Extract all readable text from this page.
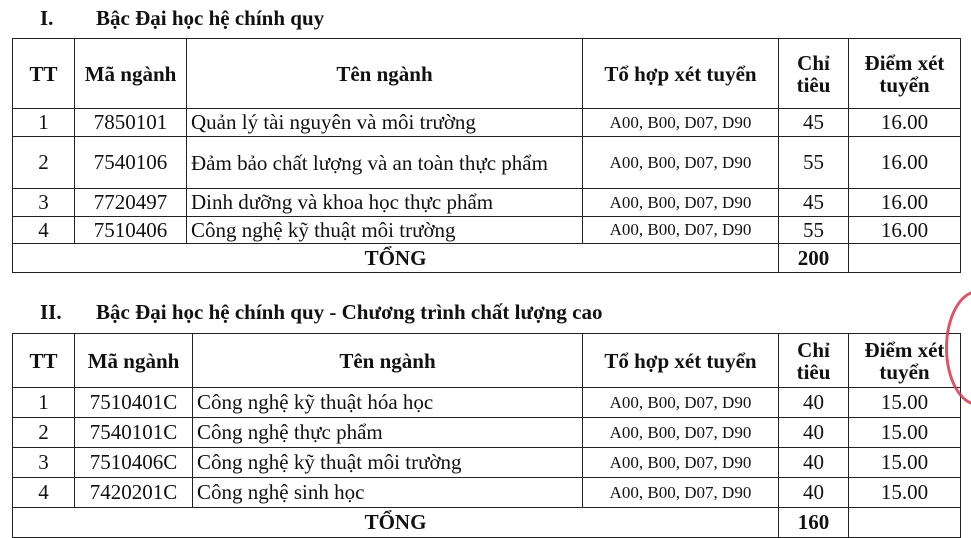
I. Bậc Đại học hệ chính quy
TT	Mã ngành	Tên ngành	Tổ hợp xét tuyển	Chỉ tiêu	Điểm xét tuyển
1	7850101	Quản lý tài nguyên và môi trường	A00, B00, D07, D90	45	16.00
2	7540106	Đảm bảo chất lượng và an toàn thực phẩm	A00, B00, D07, D90	55	16.00
3	7720497	Dinh dưỡng và khoa học thực phẩm	A00, B00, D07, D90	45	16.00
4	7510406	Công nghệ kỹ thuật môi trường	A00, B00, D07, D90	55	16.00
TỔNG				200	
II. Bậc Đại học hệ chính quy - Chương trình chất lượng cao
TT	Mã ngành	Tên ngành	Tổ hợp xét tuyển	Chỉ tiêu	Điểm xét tuyển
1	7510401C	Công nghệ kỹ thuật hóa học	A00, B00, D07, D90	40	15.00
2	7540101C	Công nghệ thực phẩm	A00, B00, D07, D90	40	15.00
3	7510406C	Công nghệ kỹ thuật môi trường	A00, B00, D07, D90	40	15.00
4	7420201C	Công nghệ sinh học	A00, B00, D07, D90	40	15.00
TỔNG				160	
